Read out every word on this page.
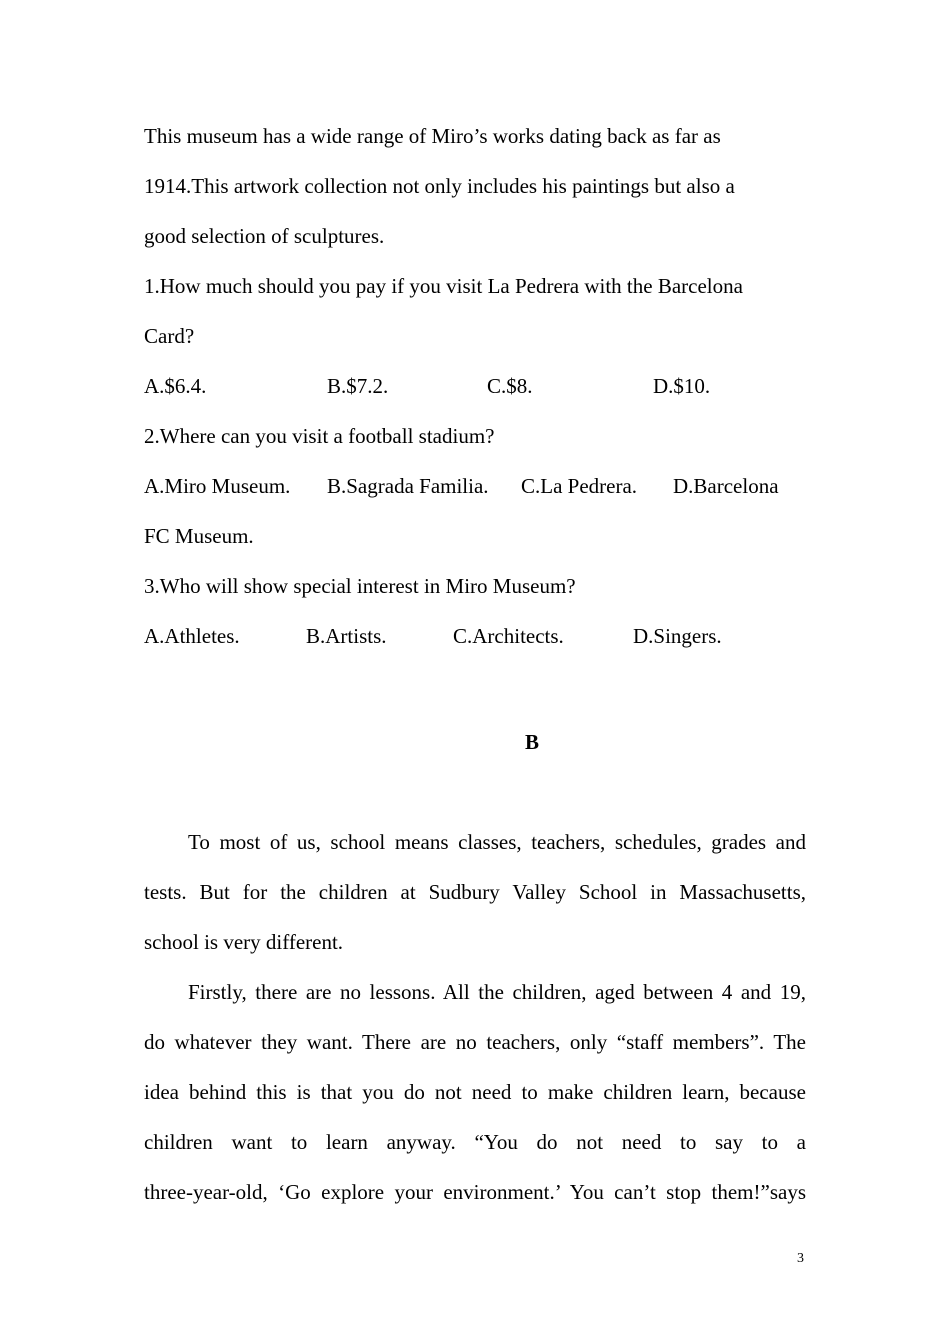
This museum has a wide range of Miro’s works dating back as far as
1914.This artwork collection not only includes his paintings but also a
good selection of sculptures.
1.How much should you pay if you visit La Pedrera with the Barcelona
Card?
A.$6.4.	B.$7.2.	C.$8.	D.$10.
2.Where can you visit a football stadium?
A.Miro Museum. B.Sagrada Familia. C.La Pedrera. D.Barcelona
FC Museum.
3.Who will show special interest in Miro Museum?
A.Athletes.	B.Artists.	C.Architects.	D.Singers.
B
To most of us, school means classes, teachers, schedules, grades and
tests. But for the children at Sudbury Valley School in Massachusetts,
school is very different.
Firstly, there are no lessons. All the children, aged between 4 and 19,
do whatever they want. There are no teachers, only “staff members”. The
idea behind this is that you do not need to make children learn, because
children want to learn anyway. “You do not need to say to a
three-year-old, ‘Go explore your environment.’ You can’t stop them!”says
3
